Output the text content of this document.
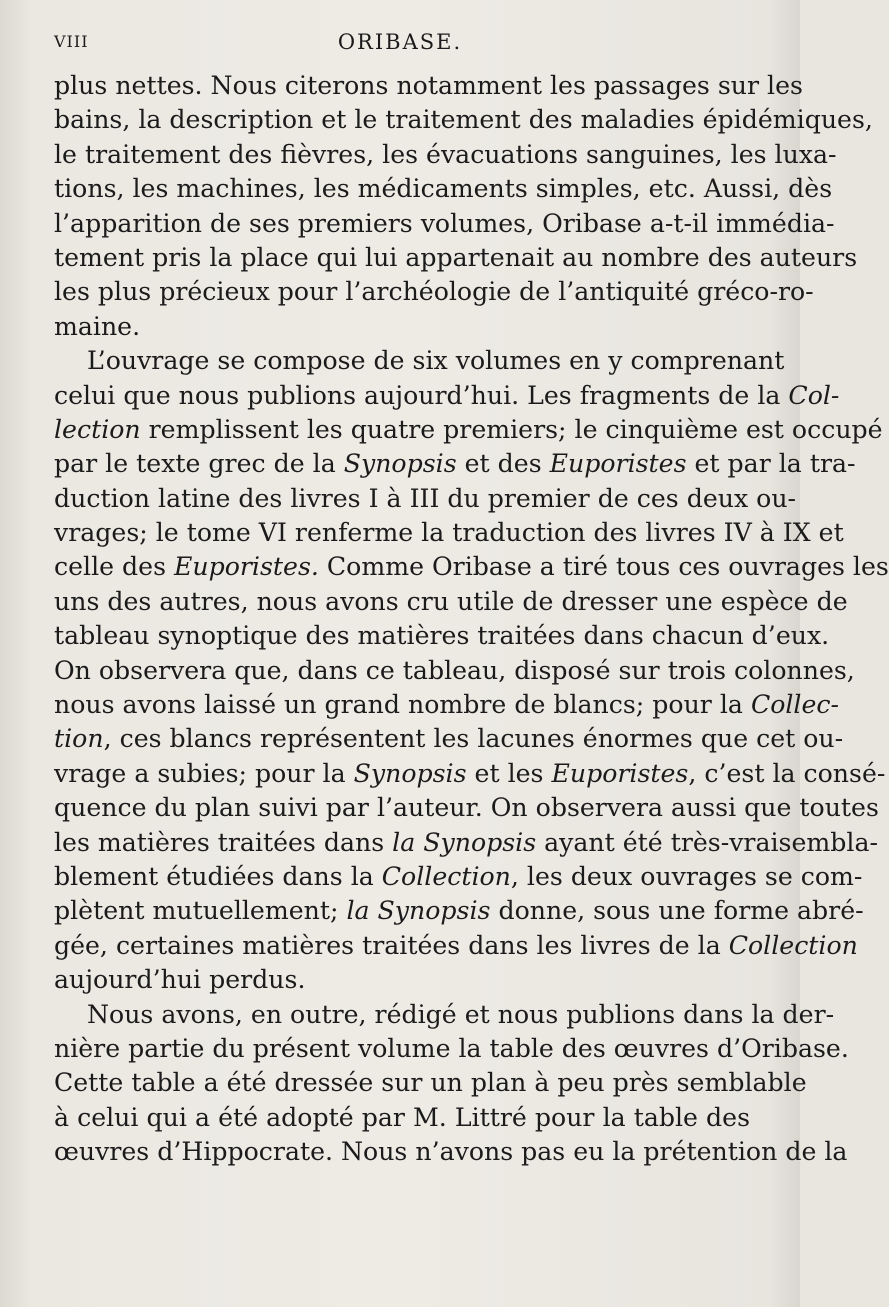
VIII	ORIBASE.
plus nettes. Nous citerons notamment les passages sur les
bains, la description et le traitement des maladies épidémiques,
le traitement des fièvres, les évacuations sanguines, les luxa-
tions, les machines, les médicaments simples, etc. Aussi, dès
l’apparition de ses premiers volumes, Oribase a-t-il immédia-
tement pris la place qui lui appartenait au nombre des auteurs
les plus précieux pour l’archéologie de l’antiquité gréco-ro-
maine.
L’ouvrage se compose de six volumes en y comprenant
celui que nous publions aujourd’hui. Les fragments de la Col-
lection remplissent les quatre premiers; le cinquième est occupé
par le texte grec de la Synopsis et des Euporistes et par la tra-
duction latine des livres I à III du premier de ces deux ou-
vrages; le tome VI renferme la traduction des livres IV à IX et
celle des Euporistes. Comme Oribase a tiré tous ces ouvrages les
uns des autres, nous avons cru utile de dresser une espèce de
tableau synoptique des matières traitées dans chacun d’eux.
On observera que, dans ce tableau, disposé sur trois colonnes,
nous avons laissé un grand nombre de blancs; pour la Collec-
tion, ces blancs représentent les lacunes énormes que cet ou-
vrage a subies; pour la Synopsis et les Euporistes, c’est la consé-
quence du plan suivi par l’auteur. On observera aussi que toutes
les matières traitées dans la Synopsis ayant été très-vraisembla-
blement étudiées dans la Collection, les deux ouvrages se com-
plètent mutuellement; la Synopsis donne, sous une forme abré-
gée, certaines matières traitées dans les livres de la Collection
aujourd’hui perdus.
Nous avons, en outre, rédigé et nous publions dans la der-
nière partie du présent volume la table des œuvres d’Oribase.
Cette table a été dressée sur un plan à peu près semblable
à celui qui a été adopté par M. Littré pour la table des
œuvres d’Hippocrate. Nous n’avons pas eu la prétention de la
